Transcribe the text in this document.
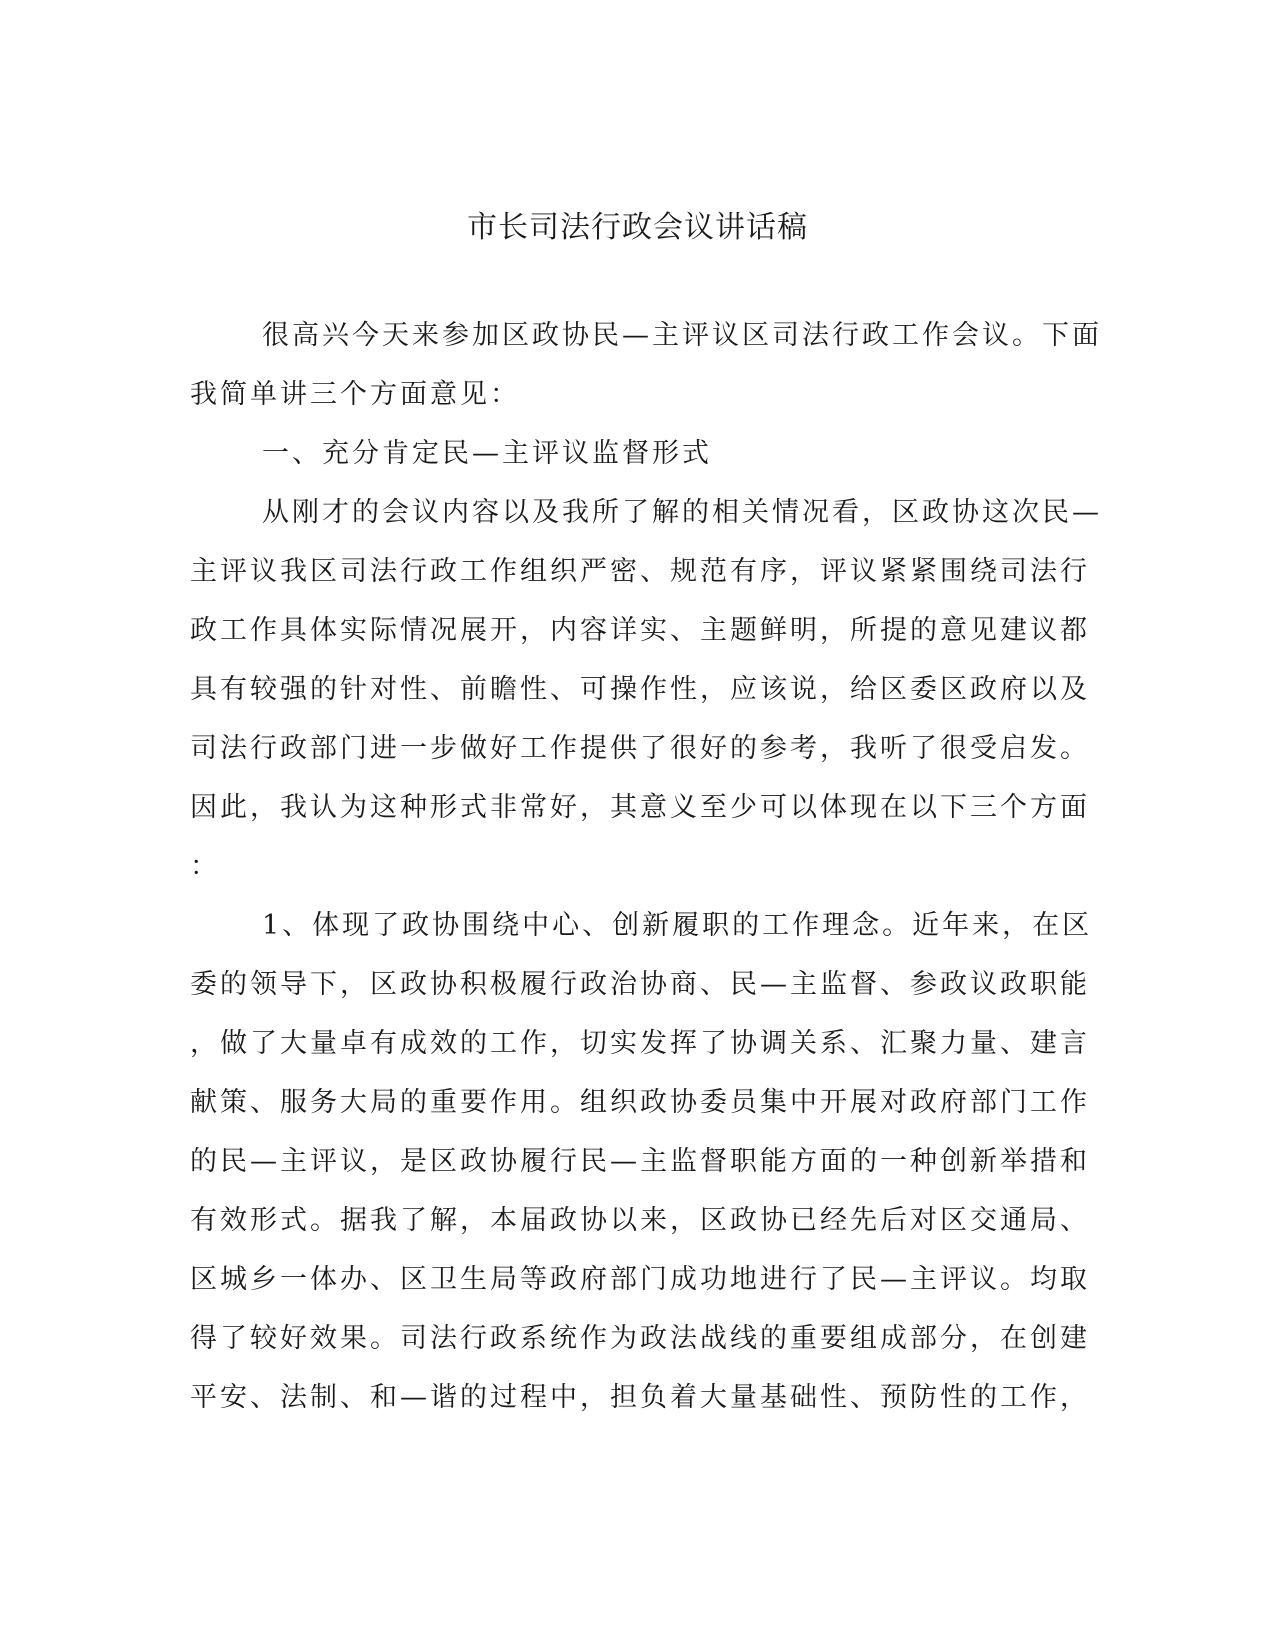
市长司法行政会议讲话稿

很高兴今天来参加区政协民—主评议区司法行政工作会议。下面

我简单讲三个方面意见：

一、充分肯定民—主评议监督形式

从刚才的会议内容以及我所了解的相关情况看，区政协这次民—

主评议我区司法行政工作组织严密、规范有序，评议紧紧围绕司法行

政工作具体实际情况展开，内容详实、主题鲜明，所提的意见建议都

具有较强的针对性、前瞻性、可操作性，应该说，给区委区政府以及

司法行政部门进一步做好工作提供了很好的参考，我听了很受启发。

因此，我认为这种形式非常好，其意义至少可以体现在以下三个方面

：

1、体现了政协围绕中心、创新履职的工作理念。近年来，在区

委的领导下，区政协积极履行政治协商、民—主监督、参政议政职能

，做了大量卓有成效的工作，切实发挥了协调关系、汇聚力量、建言

献策、服务大局的重要作用。组织政协委员集中开展对政府部门工作

的民—主评议，是区政协履行民—主监督职能方面的一种创新举措和

有效形式。据我了解，本届政协以来，区政协已经先后对区交通局、

区城乡一体办、区卫生局等政府部门成功地进行了民—主评议。均取

得了较好效果。司法行政系统作为政法战线的重要组成部分，在创建

平安、法制、和—谐的过程中，担负着大量基础性、预防性的工作，
